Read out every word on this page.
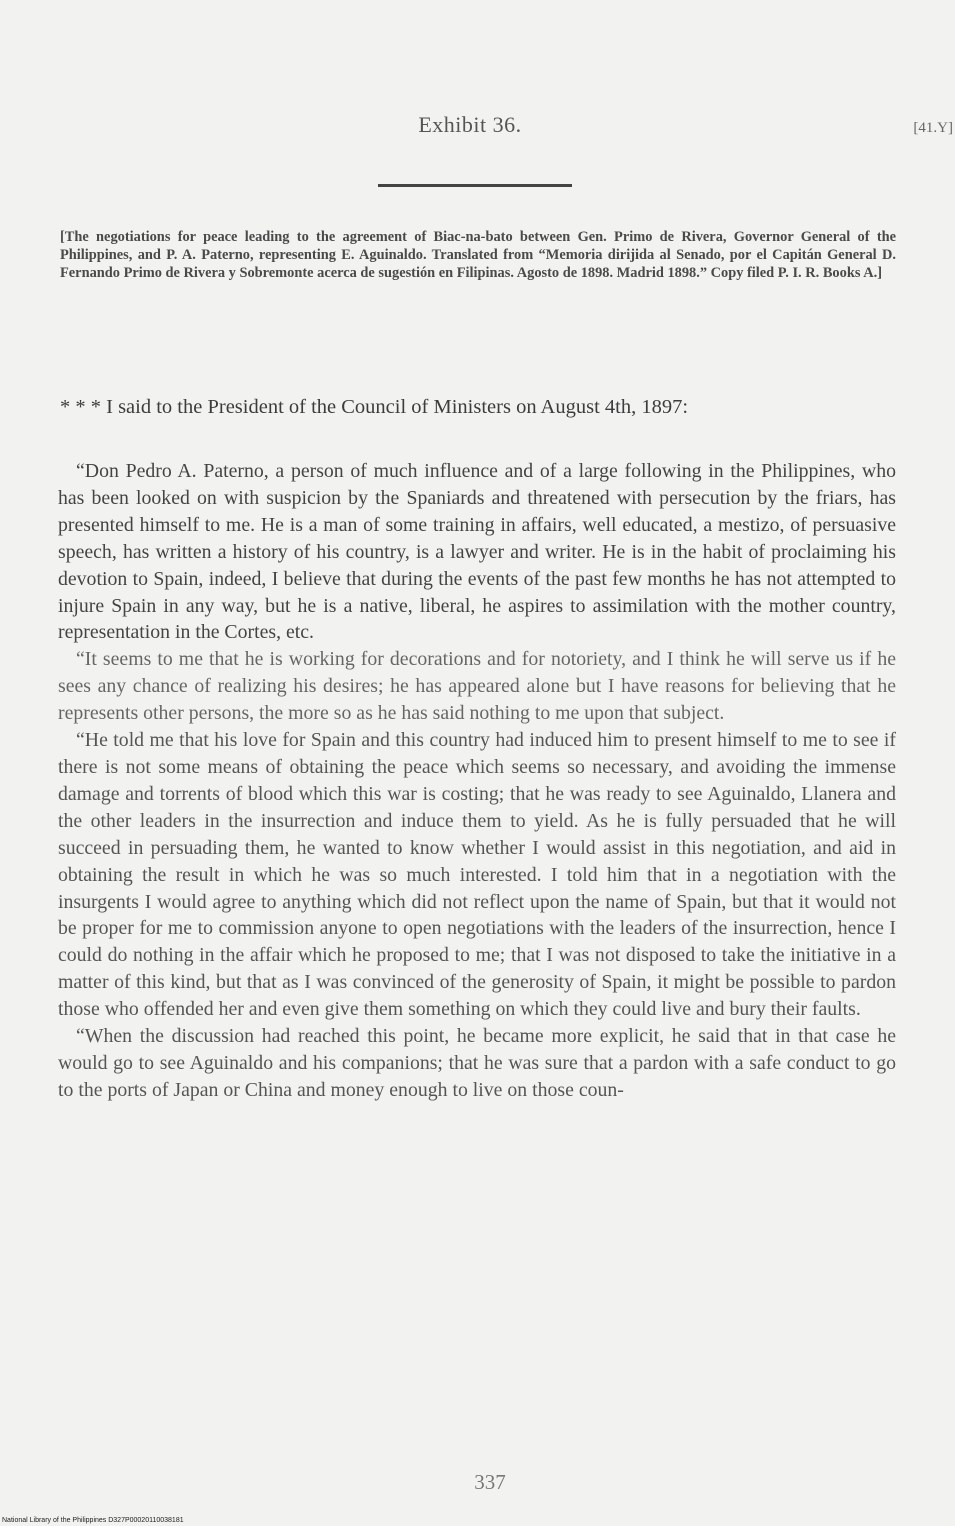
Exhibit 36.	[41.Y]
[The negotiations for peace leading to the agreement of Biac-na-bato between Gen. Primo de Rivera, Governor General of the Philippines, and P. A. Paterno, representing E. Aguinaldo. Translated from “Memoria dirijida al Senado, por el Capitán General D. Fernando Primo de Rivera y Sobremonte acerca de sugestión en Filipinas. Agosto de 1898. Madrid 1898.” Copy filed P. I. R. Books A.]
* * * I said to the President of the Council of Ministers on August 4th, 1897:

“Don Pedro A. Paterno, a person of much influence and of a large following in the Philippines, who has been looked on with suspicion by the Spaniards and threatened with persecution by the friars, has presented himself to me. He is a man of some training in affairs, well educated, a mestizo, of persuasive speech, has written a history of his country, is a lawyer and writer. He is in the habit of proclaiming his devotion to Spain, indeed, I believe that during the events of the past few months he has not attempted to injure Spain in any way, but he is a native, liberal, he aspires to assimilation with the mother country, representation in the Cortes, etc.

“It seems to me that he is working for decorations and for notoriety, and I think he will serve us if he sees any chance of realizing his desires; he has appeared alone but I have reasons for believing that he represents other persons, the more so as he has said nothing to me upon that subject.

“He told me that his love for Spain and this country had induced him to present himself to me to see if there is not some means of obtaining the peace which seems so necessary, and avoiding the immense damage and torrents of blood which this war is costing; that he was ready to see Aguinaldo, Llanera and the other leaders in the insurrection and induce them to yield. As he is fully persuaded that he will succeed in persuading them, he wanted to know whether I would assist in this negotiation, and aid in obtaining the result in which he was so much interested. I told him that in a negotiation with the insurgents I would agree to anything which did not reflect upon the name of Spain, but that it would not be proper for me to commission anyone to open negotiations with the leaders of the insurrection, hence I could do nothing in the affair which he proposed to me; that I was not disposed to take the initiative in a matter of this kind, but that as I was convinced of the generosity of Spain, it might be possible to pardon those who offended her and even give them something on which they could live and bury their faults.

“When the discussion had reached this point, he became more explicit, he said that in that case he would go to see Aguinaldo and his companions; that he was sure that a pardon with a safe conduct to go to the ports of Japan or China and money enough to live on those coun-

337
National Library of the Philippines D327P00020110038181
